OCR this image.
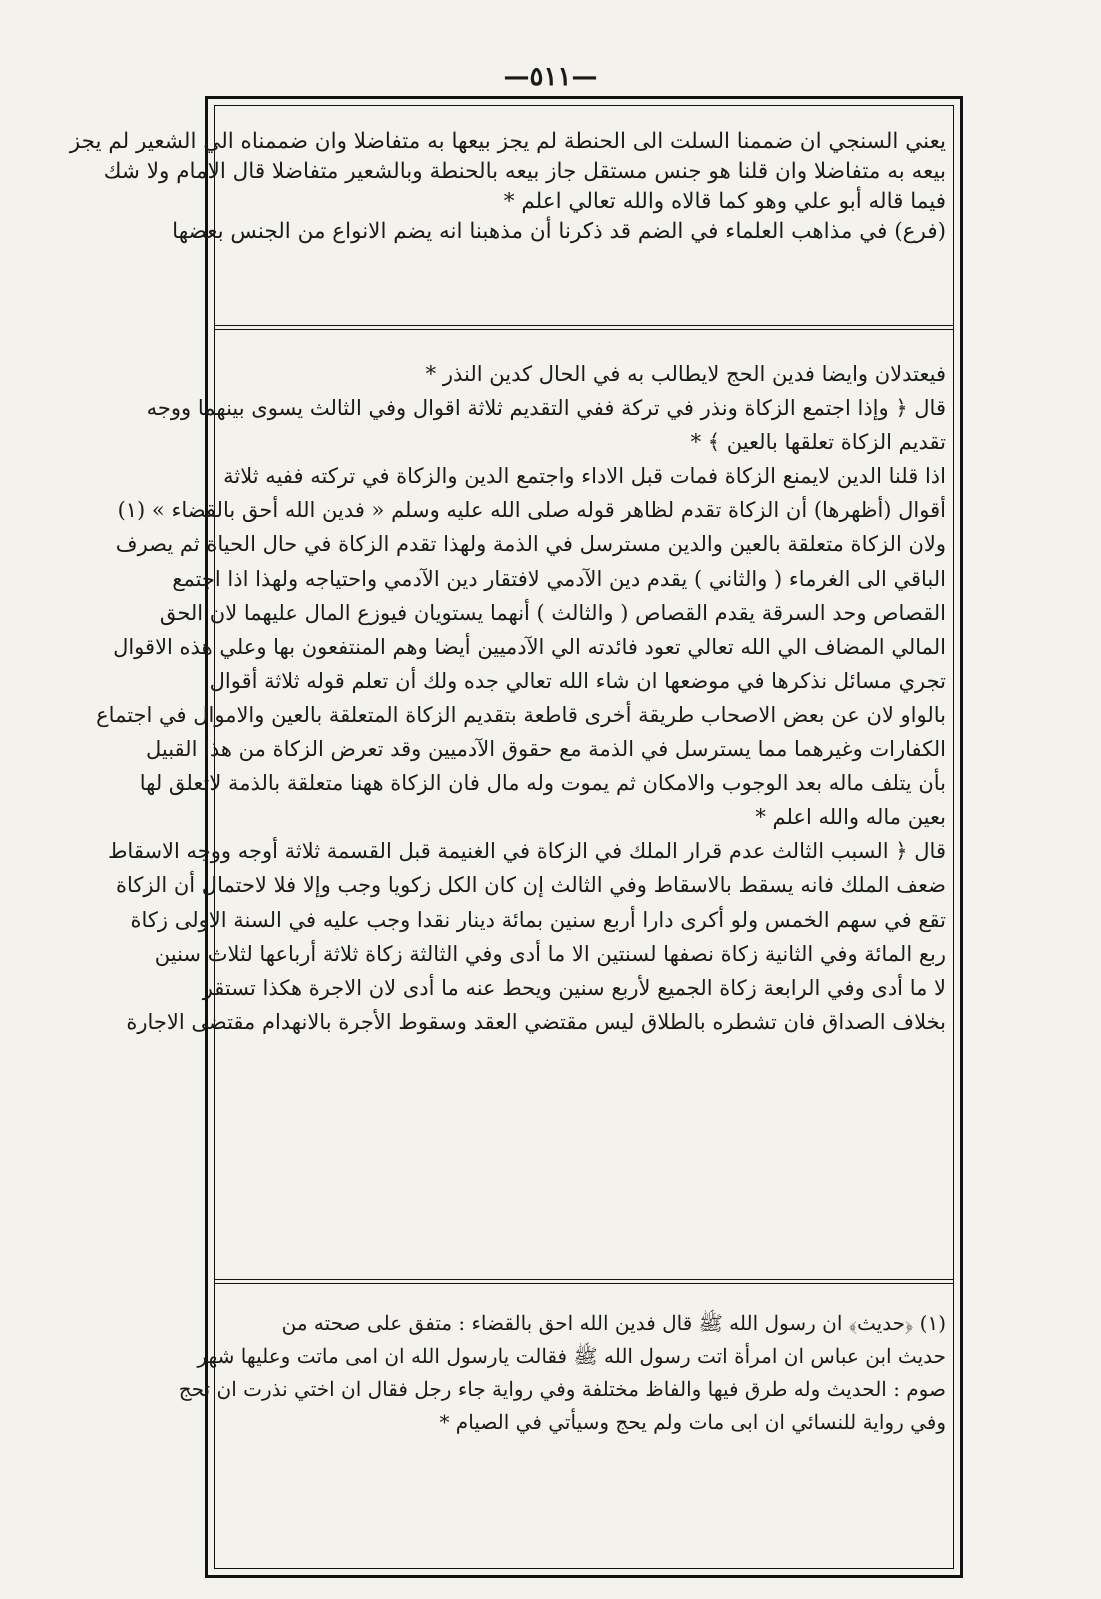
—٥١١—
يعني السنجي ان ضممنا السلت الى الحنطة لم يجز بيعها به متفاضلا وان ضممناه الي الشعير لم يجز
بيعه به متفاضلا وان قلنا هو جنس مستقل جاز بيعه بالحنطة وبالشعير متفاضلا قال الامام ولا شك
فيما قاله أبو علي وهو كما قالاه والله تعالي اعلم *
(فرع) في مذاهب العلماء في الضم قد ذكرنا أن مذهبنا انه يضم الانواع من الجنس بعضها
فيعتدلان وايضا فدين الحج لايطالب به في الحال كدين النذر *
قال ﴿ وإذا اجتمع الزكاة ونذر في تركة ففي التقديم ثلاثة اقوال وفي الثالث يسوى بينهما ووجه
تقديم الزكاة تعلقها بالعين ﴾ *
اذا قلنا الدين لايمنع الزكاة فمات قبل الاداء واجتمع الدين والزكاة في تركته ففيه ثلاثة
أقوال (أظهرها) أن الزكاة تقدم لظاهر قوله صلى الله عليه وسلم « فدين الله أحق بالقضاء » (١)
ولان الزكاة متعلقة بالعين والدين مسترسل في الذمة ولهذا تقدم الزكاة في حال الحياة ثم يصرف
الباقي الى الغرماء ( والثاني ) يقدم دين الآدمي لافتقار دين الآدمي واحتياجه ولهذا اذا اجتمع
القصاص وحد السرقة يقدم القصاص ( والثالث ) أنهما يستويان فيوزع المال عليهما لان الحق
المالي المضاف الي الله تعالي تعود فائدته الي الآدميين أيضا وهم المنتفعون بها وعلي هذه الاقوال
تجري مسائل نذكرها في موضعها ان شاء الله تعالي جده ولك أن تعلم قوله ثلاثة أقوال
بالواو لان عن بعض الاصحاب طريقة أخرى قاطعة بتقديم الزكاة المتعلقة بالعين والاموال في اجتماع
الكفارات وغيرهما مما يسترسل في الذمة مع حقوق الآدميين وقد تعرض الزكاة من هذا القبيل
بأن يتلف ماله بعد الوجوب والامكان ثم يموت وله مال فان الزكاة ههنا متعلقة بالذمة لاتعلق لها
بعين ماله والله اعلم *
قال ﴿ السبب الثالث عدم قرار الملك في الزكاة في الغنيمة قبل القسمة ثلاثة أوجه ووجه الاسقاط
ضعف الملك فانه يسقط بالاسقاط وفي الثالث إن كان الكل زكويا وجب وإلا فلا لاحتمال أن الزكاة
تقع في سهم الخمس ولو أكرى دارا أربع سنين بمائة دينار نقدا وجب عليه في السنة الاولى زكاة
ربع المائة وفي الثانية زكاة نصفها لسنتين الا ما أدى وفي الثالثة زكاة ثلاثة أرباعها لثلاث سنين
لا ما أدى وفي الرابعة زكاة الجميع لأربع سنين ويحط عنه ما أدى لان الاجرة هكذا تستقر
بخلاف الصداق فان تشطره بالطلاق ليس مقتضي العقد وسقوط الأجرة بالانهدام مقتضى الاجارة
(١) ﴿حديث﴾ ان رسول الله ﷺ قال فدين الله احق بالقضاء : متفق على صحته من
حديث ابن عباس ان امرأة اتت رسول الله ﷺ فقالت يارسول الله ان امى ماتت وعليها شهر
صوم : الحديث وله طرق فيها والفاظ مختلفة وفي رواية جاء رجل فقال ان اختي نذرت ان تحج
وفي رواية للنسائي ان ابى مات ولم يحج وسيأتي في الصيام *
